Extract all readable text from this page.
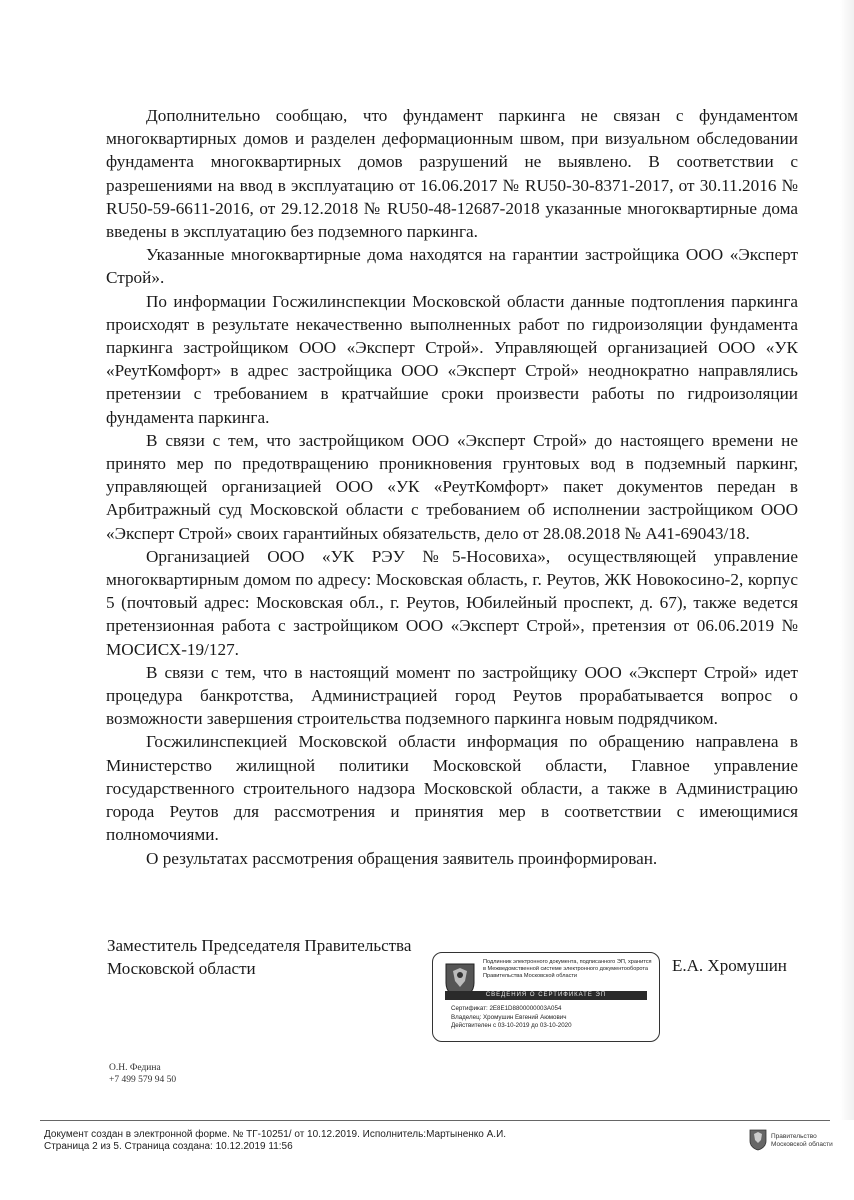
Дополнительно сообщаю, что фундамент паркинга не связан с фундаментом многоквартирных домов и разделен деформационным швом, при визуальном обследовании фундамента многоквартирных домов разрушений не выявлено. В соответствии с разрешениями на ввод в эксплуатацию от 16.06.2017 № RU50-30-8371-2017, от 30.11.2016 № RU50-59-6611-2016, от 29.12.2018 № RU50-48-12687-2018 указанные многоквартирные дома введены в эксплуатацию без подземного паркинга.

Указанные многоквартирные дома находятся на гарантии застройщика ООО «Эксперт Строй».

По информации Госжилинспекции Московской области данные подтопления паркинга происходят в результате некачественно выполненных работ по гидроизоляции фундамента паркинга застройщиком ООО «Эксперт Строй». Управляющей организацией ООО «УК «РеутКомфорт» в адрес застройщика ООО «Эксперт Строй» неоднократно направлялись претензии с требованием в кратчайшие сроки произвести работы по гидроизоляции фундамента паркинга.

В связи с тем, что застройщиком ООО «Эксперт Строй» до настоящего времени не принято мер по предотвращению проникновения грунтовых вод в подземный паркинг, управляющей организацией ООО «УК «РеутКомфорт» пакет документов передан в Арбитражный суд Московской области с требованием об исполнении застройщиком ООО «Эксперт Строй» своих гарантийных обязательств, дело от 28.08.2018 № А41-69043/18.

Организацией ООО «УК РЭУ №5-Носовиха», осуществляющей управление многоквартирным домом по адресу: Московская область, г. Реутов, ЖК Новокосино-2, корпус 5 (почтовый адрес: Московская обл., г. Реутов, Юбилейный проспект, д. 67), также ведется претензионная работа с застройщиком ООО «Эксперт Строй», претензия от 06.06.2019 № МОСИСХ-19/127.

В связи с тем, что в настоящий момент по застройщику ООО «Эксперт Строй» идет процедура банкротства, Администрацией город Реутов прорабатывается вопрос о возможности завершения строительства подземного паркинга новым подрядчиком.

Госжилинспекцией Московской области информация по обращению направлена в Министерство жилищной политики Московской области, Главное управление государственного строительного надзора Московской области, а также в Администрацию города Реутов для рассмотрения и принятия мер в соответствии с имеющимися полномочиями.

О результатах рассмотрения обращения заявитель проинформирован.

Заместитель Председателя Правительства
Московской области	Подлинник электронного документа, подписанного ЭП, хранится в Межведомственной системе электронного документооборота Правительства Московской области
СВЕДЕНИЯ О СЕРТИФИКАТЕ ЭП
Сертификат: 2E8E1D8800000003A054
Владелец: Хромушин Евгений Аюмович
Действителен с 03-10-2019 до 03-10-2020
Е.А. Хромушин
О.Н. Федина
+7 499 579 94 50
Документ создан в электронной форме. № ТГ-10251/ от 10.12.2019. Исполнитель:Мартыненко А.И.
Страница 2 из 5. Страница создана: 10.12.2019 11:56
Правительство
Московской области
